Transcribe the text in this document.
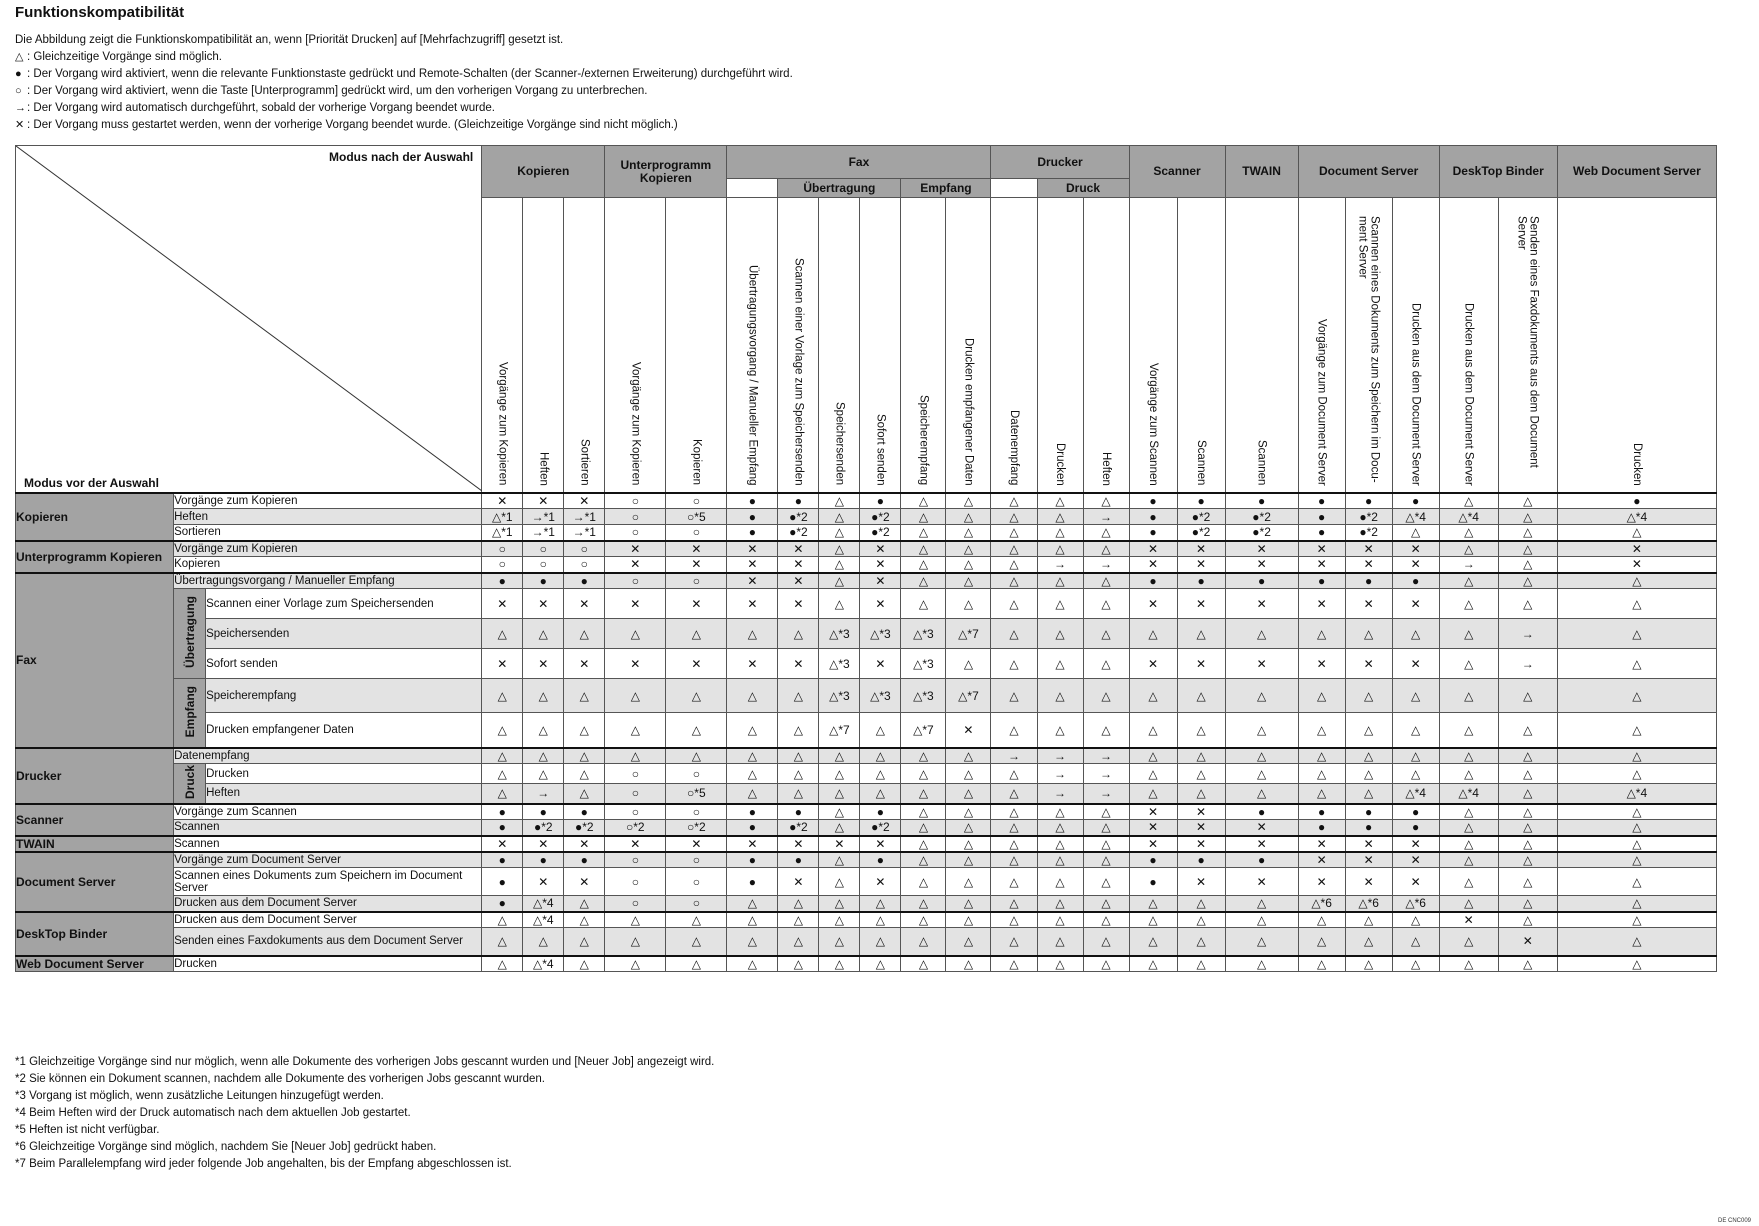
Funktionskompatibilität
Die Abbildung zeigt die Funktionskompatibilität an, wenn [Priorität Drucken] auf [Mehrfachzugriff] gesetzt ist.
△ : Gleichzeitige Vorgänge sind möglich.
● : Der Vorgang wird aktiviert, wenn die relevante Funktionstaste gedrückt und Remote-Schalten (der Scanner-/externen Erweiterung) durchgeführt wird.
○ : Der Vorgang wird aktiviert, wenn die Taste [Unterprogramm] gedrückt wird, um den vorherigen Vorgang zu unterbrechen.
→: Der Vorgang wird automatisch durchgeführt, sobald der vorherige Vorgang beendet wurde.
✕ : Der Vorgang muss gestartet werden, wenn der vorherige Vorgang beendet wurde. (Gleichzeitige Vorgänge sind nicht möglich.)
Modus nach der Auswahl
Modus vor der Auswahl			Kopieren			Unterprogramm Kopieren		Fax						Drucker			Scanner		TWAIN	Document Server			DeskTop Binder		Web Document Server
									Übertragung			Empfang			Druck										

			Vorgänge zum Kopieren	Heften	Sortieren	Vorgänge zum Kopieren	Kopieren	Übertragungsvorgang / Manueller Empfang	Scannen einer Vorlage zum Speichersenden	Speichersenden	Sofort senden	Speicherempfang	Drucken empfangener Daten	Datenempfang	Drucken	Heften	Vorgänge zum Scannen	Scannen	Scannen	Vorgänge zum Document Server	Scannen eines Dokuments zum Speichern im Docu-ment Server	Drucken aus dem Document Server	Drucken aus dem Document Server	Senden eines Faxdokuments aus dem Document Server	Drucken

Kopieren	Vorgänge zum Kopieren		✕	✕	✕	○	○	●	●	△	●	△	△	△	△	△	●	●	●	●	●	●	△	△	●
	Heften		△*1	→*1	→*1	○	○*5	●	●*2	△	●*2	△	△	△	△	→	●	●*2	●*2	●	●*2	△*4	△*4	△	△*4
	Sortieren		△*1	→*1	→*1	○	○	●	●*2	△	●*2	△	△	△	△	△	●	●*2	●*2	●	●*2	△	△	△	△
Unterprogramm Kopieren	Vorgänge zum Kopieren		○	○	○	✕	✕	✕	✕	△	✕	△	△	△	△	△	✕	✕	✕	✕	✕	✕	△	△	✕
	Kopieren		○	○	○	✕	✕	✕	✕	△	✕	△	△	△	→	→	✕	✕	✕	✕	✕	✕	→	△	✕
Fax	Übertragungsvorgang / Manueller Empfang		●	●	●	○	○	✕	✕	△	✕	△	△	△	△	△	●	●	●	●	●	●	△	△	△
	Übertragung	Scannen einer Vorlage zum Speichersenden	✕	✕	✕	✕	✕	✕	✕	△	✕	△	△	△	△	△	✕	✕	✕	✕	✕	✕	△	△	△
		Speichersenden	△	△	△	△	△	△	△	△*3	△*3	△*3	△*7	△	△	△	△	△	△	△	△	△	△	→	△
		Sofort senden	✕	✕	✕	✕	✕	✕	✕	△*3	✕	△*3	△	△	△	△	✕	✕	✕	✕	✕	✕	△	→	△
	Empfang	Speicherempfang	△	△	△	△	△	△	△	△*3	△*3	△*3	△*7	△	△	△	△	△	△	△	△	△	△	△	△
		Drucken empfangener Daten	△	△	△	△	△	△	△	△*7	△	△*7	✕	△	△	△	△	△	△	△	△	△	△	△	△
Drucker	Datenempfang		△	△	△	△	△	△	△	△	△	△	△	→	→	→	△	△	△	△	△	△	△	△	△
	Druck	Drucken	△	△	△	○	○	△	△	△	△	△	△	△	→	→	△	△	△	△	△	△	△	△	△
		Heften	△	→	△	○	○*5	△	△	△	△	△	△	△	→	→	△	△	△	△	△	△*4	△*4	△	△*4
Scanner	Vorgänge zum Scannen		●	●	●	○	○	●	●	△	●	△	△	△	△	△	✕	✕	●	●	●	●	△	△	△
	Scannen		●	●*2	●*2	○*2	○*2	●	●*2	△	●*2	△	△	△	△	△	✕	✕	✕	●	●	●	△	△	△
TWAIN	Scannen		✕	✕	✕	✕	✕	✕	✕	✕	✕	△	△	△	△	△	✕	✕	✕	✕	✕	✕	△	△	△
Document Server	Vorgänge zum Document Server		●	●	●	○	○	●	●	△	●	△	△	△	△	△	●	●	●	✕	✕	✕	△	△	△
	Scannen eines Dokuments zum Speichern im Document Server		●	✕	✕	○	○	●	✕	△	✕	△	△	△	△	△	●	✕	✕	✕	✕	✕	△	△	△
	Drucken aus dem Document Server		●	△*4	△	○	○	△	△	△	△	△	△	△	△	△	△	△	△	△*6	△*6	△*6	△	△	△
DeskTop Binder	Drucken aus dem Document Server		△	△*4	△	△	△	△	△	△	△	△	△	△	△	△	△	△	△	△	△	△	✕	△	△
	Senden eines Faxdokuments aus dem Document Server		△	△	△	△	△	△	△	△	△	△	△	△	△	△	△	△	△	△	△	△	△	✕	△
Web Document Server	Drucken		△	△*4	△	△	△	△	△	△	△	△	△	△	△	△	△	△	△	△	△	△	△	△	△
*1 Gleichzeitige Vorgänge sind nur möglich, wenn alle Dokumente des vorherigen Jobs gescannt wurden und [Neuer Job] angezeigt wird.
*2 Sie können ein Dokument scannen, nachdem alle Dokumente des vorherigen Jobs gescannt wurden.
*3 Vorgang ist möglich, wenn zusätzliche Leitungen hinzugefügt werden.
*4 Beim Heften wird der Druck automatisch nach dem aktuellen Job gestartet.
*5 Heften ist nicht verfügbar.
*6 Gleichzeitige Vorgänge sind möglich, nachdem Sie [Neuer Job] gedrückt haben.
*7 Beim Parallelempfang wird jeder folgende Job angehalten, bis der Empfang abgeschlossen ist.
DE CNC009
